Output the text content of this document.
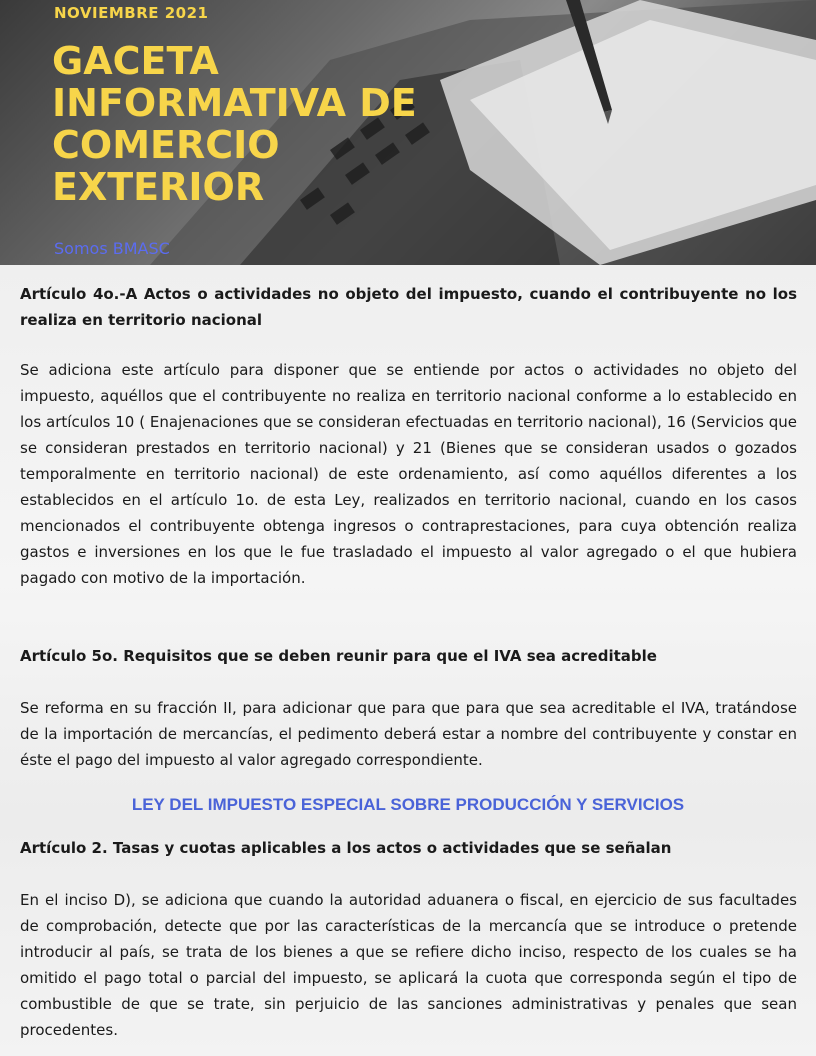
NOVIEMBRE 2021
GACETA
INFORMATIVA DE
COMERCIO
EXTERIOR
Somos BMASC

Artículo 4o.-A Actos o actividades no objeto del impuesto, cuando el contribuyente no los realiza en territorio nacional

Se adiciona este artículo para disponer que se entiende por actos o actividades no objeto del impuesto, aquéllos que el contribuyente no realiza en territorio nacional conforme a lo establecido en los artículos 10 ( Enajenaciones que se consideran efectuadas en territorio nacional), 16 (Servicios que se consideran prestados en territorio nacional) y 21 (Bienes que se consideran usados o gozados temporalmente en territorio nacional) de este ordenamiento, así como aquéllos diferentes a los establecidos en el artículo 1o. de esta Ley, realizados en territorio nacional, cuando en los casos mencionados el contribuyente obtenga ingresos o contraprestaciones, para cuya obtención realiza gastos e inversiones en los que le fue trasladado el impuesto al valor agregado o el que hubiera pagado con motivo de la importación.

Artículo 5o. Requisitos que se deben reunir para que el IVA sea acreditable

Se reforma en su fracción II, para adicionar que para que para que sea acreditable el IVA, tratándose de la importación de mercancías, el pedimento deberá estar a nombre del contribuyente y constar en éste el pago del impuesto al valor agregado correspondiente.

LEY DEL IMPUESTO ESPECIAL SOBRE PRODUCCIÓN Y SERVICIOS

Artículo 2. Tasas y cuotas aplicables a los actos o actividades que se señalan

En el inciso D), se adiciona que cuando la autoridad aduanera o fiscal, en ejercicio de sus facultades de comprobación, detecte que por las características de la mercancía que se introduce o pretende introducir al país, se trata de los bienes a que se refiere dicho inciso, respecto de los cuales se ha omitido el pago total o parcial del impuesto, se aplicará la cuota que corresponda según el tipo de combustible de que se trate, sin perjuicio de las sanciones administrativas y penales que sean procedentes.
